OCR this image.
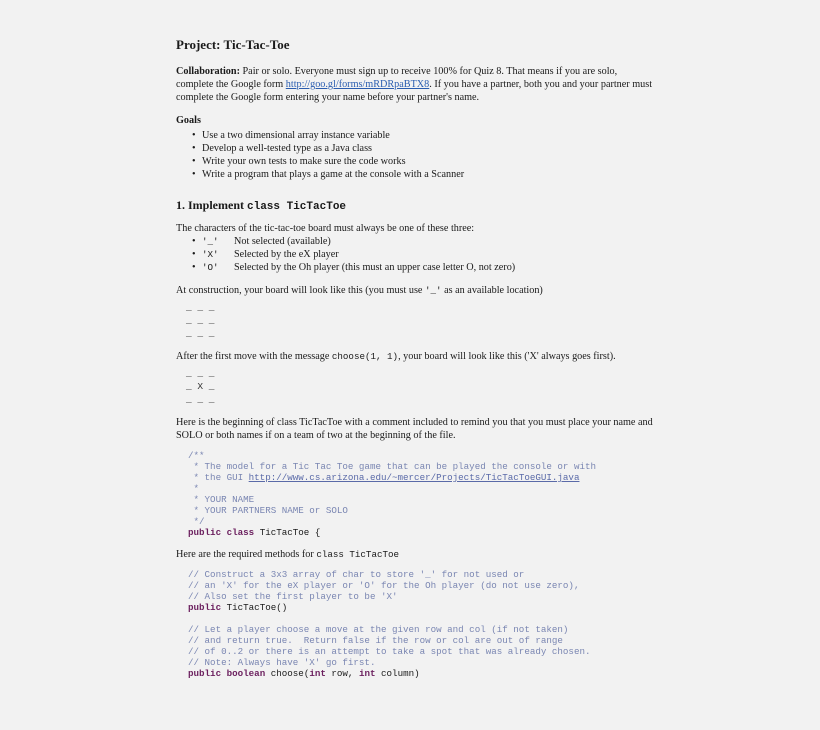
Project: Tic-Tac-Toe

Collaboration: Pair or solo. Everyone must sign up to receive 100% for Quiz 8. That means if you are solo, complete the Google form http://goo.gl/forms/mRDRpaBTX8. If you have a partner, both you and your partner must complete the Google form entering your name before your partner's name.

Goals
• Use a two dimensional array instance variable
• Develop a well-tested type as a Java class
• Write your own tests to make sure the code works
• Write a program that plays a game at the console with a Scanner
1. Implement class TicTacToe

The characters of the tic-tac-toe board must always be one of these three:

• '_' Not selected (available)
• 'X' Selected by the eX player
• 'O' Selected by the Oh player (this must an upper case letter O, not zero)

At construction, your board will look like this (you must use '_' as an available location)

_ _ _
_ _ _
_ _ _

After the first move with the message choose(1, 1), your board will look like this ('X' always goes first).

_ _ _
_ X _
_ _ _

Here is the beginning of class TicTacToe with a comment included to remind you that you must place your name and SOLO or both names if on a team of two at the beginning of the file.

/**
* The model for a Tic Tac Toe game that can be played the console or with
* the GUI http://www.cs.arizona.edu/~mercer/Projects/TicTacToeGUI.java
*
* YOUR NAME
* YOUR PARTNERS NAME or SOLO
*/
public class TicTacToe {

Here are the required methods for class TicTacToe

// Construct a 3x3 array of char to store '_' for not used or
// an 'X' for the eX player or 'O' for the Oh player (do not use zero),
// Also set the first player to be 'X'
public TicTacToe()

// Let a player choose a move at the given row and col (if not taken)
// and return true.  Return false if the row or col are out of range
// of 0..2 or there is an attempt to take a spot that was already chosen.
// Note: Always have 'X' go first.
public boolean choose(int row, int column)
